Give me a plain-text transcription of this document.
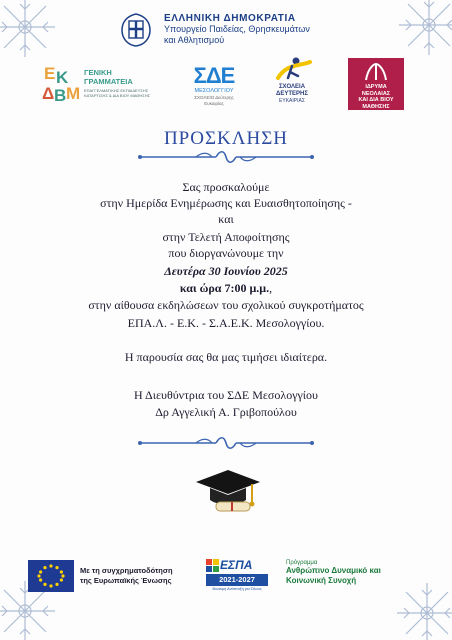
ΕΛΛΗΝΙΚΗ ΔΗΜΟΚΡΑΤΙΑ
Υπουργείο Παιδείας, Θρησκευμάτων
και Αθλητισμού
Ε Κ
Δ Β Μ
ΓΕΝΙΚΗ
ΓΡΑΜΜΑΤΕΙΑ
ΕΠΑΓΓΕΛΜΑΤΙΚΗΣ ΕΚΠΑΙΔΕΥΣΗΣ ΚΑΤΑΡΤΙΣΗΣ & ΔΙΑ ΒΙΟΥ ΜΑΘΗΣΗΣ
ΣΔΕ
ΜΕΣΟΛΟΓΓΙΟΥ
ΣΧΟΛΕΙΟ Δεύτερης Ευκαιρίας
ΣΧΟΛΕΙΑ
ΔΕΥΤΕΡΗΣ
ΕΥΚΑΙΡΙΑΣ
ΙΔΡΥΜΑ
ΝΕΟΛΑΙΑΣ
ΚΑΙ ΔΙΑ ΒΙΟΥ
ΜΑΘΗΣΗΣ
ΠΡΟΣΚΛΗΣΗ
Σας προσκαλούμε
στην Ημερίδα Ενημέρωσης και Ευαισθητοποίησης -
και
στην Τελετή Αποφοίτησης
που διοργανώνουμε την
Δευτέρα 30 Ιουνίου 2025
και ώρα 7:00 μ.μ.,
στην αίθουσα εκδηλώσεων του σχολικού συγκροτήματος
ΕΠΑ.Λ. - Ε.Κ. - Σ.Α.Ε.Κ. Μεσολογγίου.
Η παρουσία σας θα μας τιμήσει ιδιαίτερα.
Η Διευθύντρια του ΣΔΕ Μεσολογγίου
Δρ Αγγελική Α. Γριβοπούλου
Με τη συγχρηματοδότηση
της Ευρωπαϊκής Ένωσης
ΕΣΠΑ
2021-2027
Βιώσιμη Ανάπτυξη για Όλους
Πρόγραμμα
Ανθρώπινο Δυναμικό και
Κοινωνική Συνοχή
